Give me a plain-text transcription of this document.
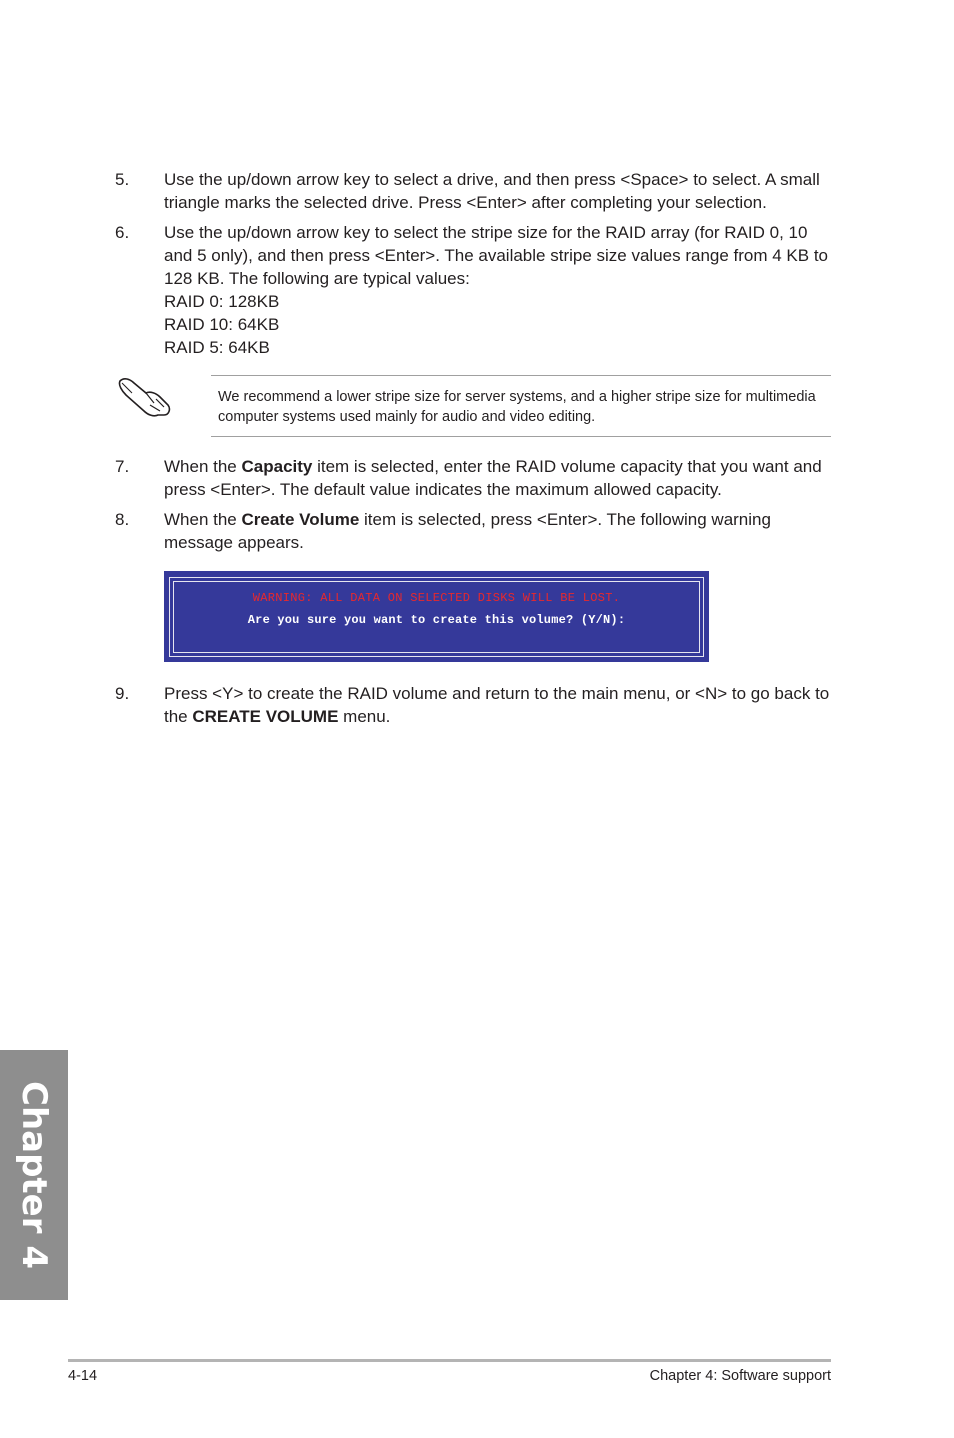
5.	Use the up/down arrow key to select a drive, and then press <Space> to select. A small triangle marks the selected drive. Press <Enter> after completing your selection.

6.	Use the up/down arrow key to select the stripe size for the RAID array (for RAID 0, 10 and 5 only), and then press <Enter>. The available stripe size values range from 4 KB to 128 KB. The following are typical values:

RAID 0: 128KB

RAID 10: 64KB

RAID 5: 64KB

We recommend a lower stripe size for server systems, and a higher stripe size for multimedia computer systems used mainly for audio and video editing.
7.	When the Capacity item is selected, enter the RAID volume capacity that you want and press <Enter>. The default value indicates the maximum allowed capacity.

8.	When the Create Volume item is selected, press <Enter>. The following warning message appears.

WARNING: ALL DATA ON SELECTED DISKS WILL BE LOST.
Are you sure you want to create this volume? (Y/N):
9.	Press <Y> to create the RAID volume and return to the main menu, or <N> to go back to the CREATE VOLUME menu.

Chapter 4
4-14	Chapter 4: Software support
